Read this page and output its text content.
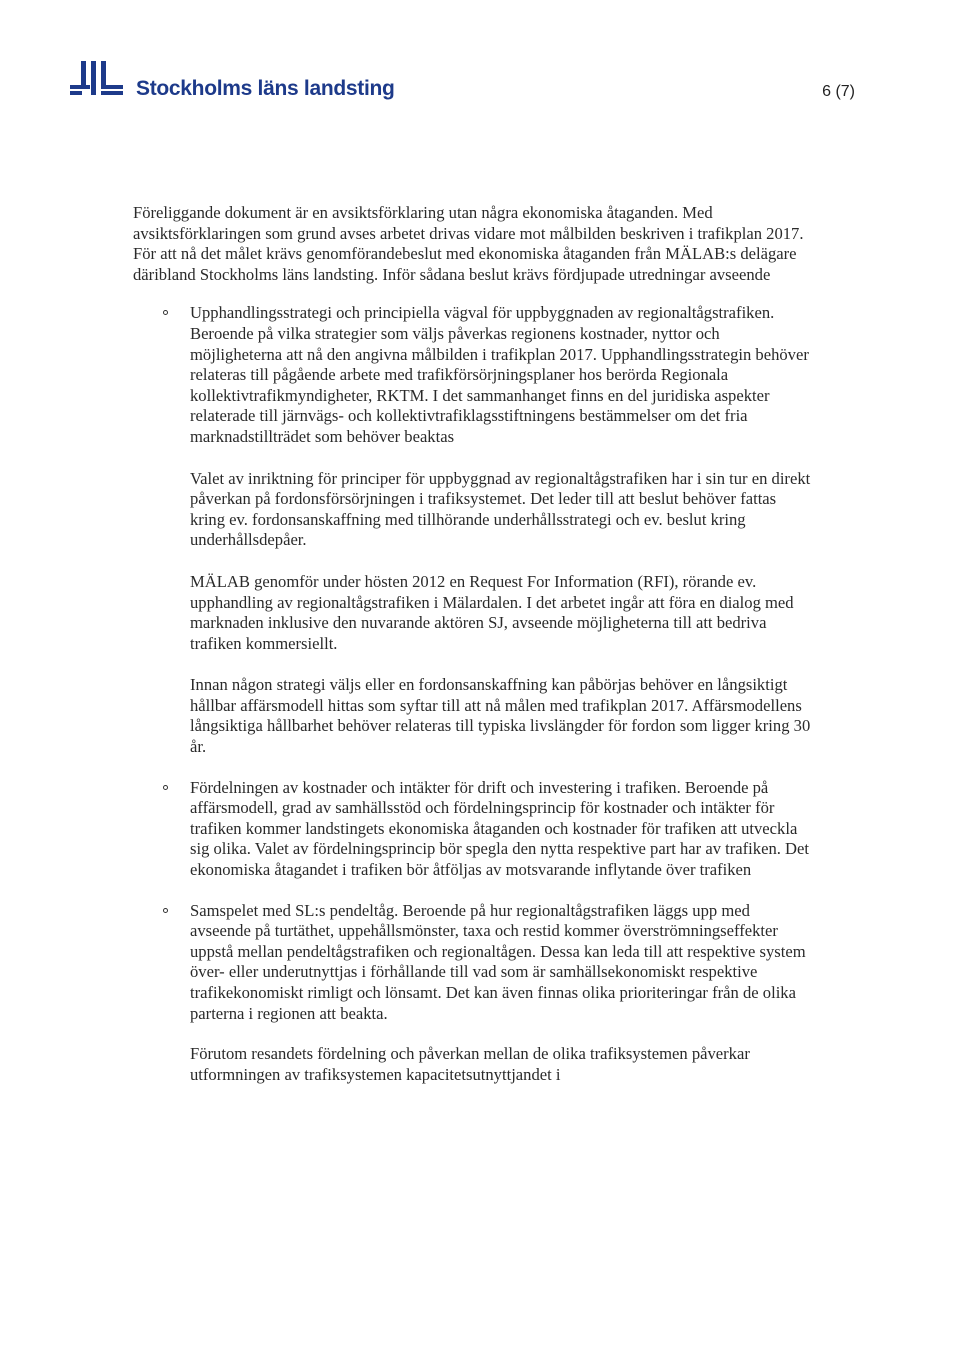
Stockholms läns landsting	6 (7)

Föreliggande dokument är en avsiktsförklaring utan några ekonomiska åtaganden. Med avsiktsförklaringen som grund avses arbetet drivas vidare mot målbilden beskriven i trafikplan 2017. För att nå det målet krävs genomförandebeslut med ekonomiska åtaganden från MÄLAB:s delägare däribland Stockholms läns landsting. Inför sådana beslut krävs fördjupade utredningar avseende

Upphandlingsstrategi och principiella vägval för uppbyggnaden av regionaltågstrafiken. Beroende på vilka strategier som väljs påverkas regionens kostnader, nyttor och möjligheterna att nå den angivna målbilden i trafikplan 2017. Upphandlingsstrategin behöver relateras till pågående arbete med trafikförsörjningsplaner hos berörda Regionala kollektivtrafikmyndigheter, RKTM. I det sammanhanget finns en del juridiska aspekter relaterade till järnvägs- och kollektivtrafiklagsstiftningens bestämmelser om det fria marknadstillträdet som behöver beaktas

Valet av inriktning för principer för uppbyggnad av regionaltågstrafiken har i sin tur en direkt påverkan på fordonsförsörjningen i trafiksystemet. Det leder till att beslut behöver fattas kring ev. fordonsanskaffning med tillhörande underhållsstrategi och ev. beslut kring underhållsdepåer.

MÄLAB genomför under hösten 2012 en Request For Information (RFI), rörande ev. upphandling av regionaltågstrafiken i Mälardalen. I det arbetet ingår att föra en dialog med marknaden inklusive den nuvarande aktören SJ, avseende möjligheterna till att bedriva trafiken kommersiellt.

Innan någon strategi väljs eller en fordonsanskaffning kan påbörjas behöver en långsiktigt hållbar affärsmodell hittas som syftar till att nå målen med trafikplan 2017. Affärsmodellens långsiktiga hållbarhet behöver relateras till typiska livslängder för fordon som ligger kring 30 år.

Fördelningen av kostnader och intäkter för drift och investering i trafiken. Beroende på affärsmodell, grad av samhällsstöd och fördelningsprincip för kostnader och intäkter för trafiken kommer landstingets ekonomiska åtaganden och kostnader för trafiken att utveckla sig olika. Valet av fördelningsprincip bör spegla den nytta respektive part har av trafiken. Det ekonomiska åtagandet i trafiken bör åtföljas av motsvarande inflytande över trafiken

Samspelet med SL:s pendeltåg. Beroende på hur regionaltågstrafiken läggs upp med avseende på turtäthet, uppehållsmönster, taxa och restid kommer överströmningseffekter uppstå mellan pendeltågstrafiken och regionaltågen. Dessa kan leda till att respektive system över- eller underutnyttjas i förhållande till vad som är samhällsekonomiskt respektive trafikekonomiskt rimligt och lönsamt. Det kan även finnas olika prioriteringar från de olika parterna i regionen att beakta.

Förutom resandets fördelning och påverkan mellan de olika trafiksystemen påverkar utformningen av trafiksystemen kapacitetsutnyttjandet i
